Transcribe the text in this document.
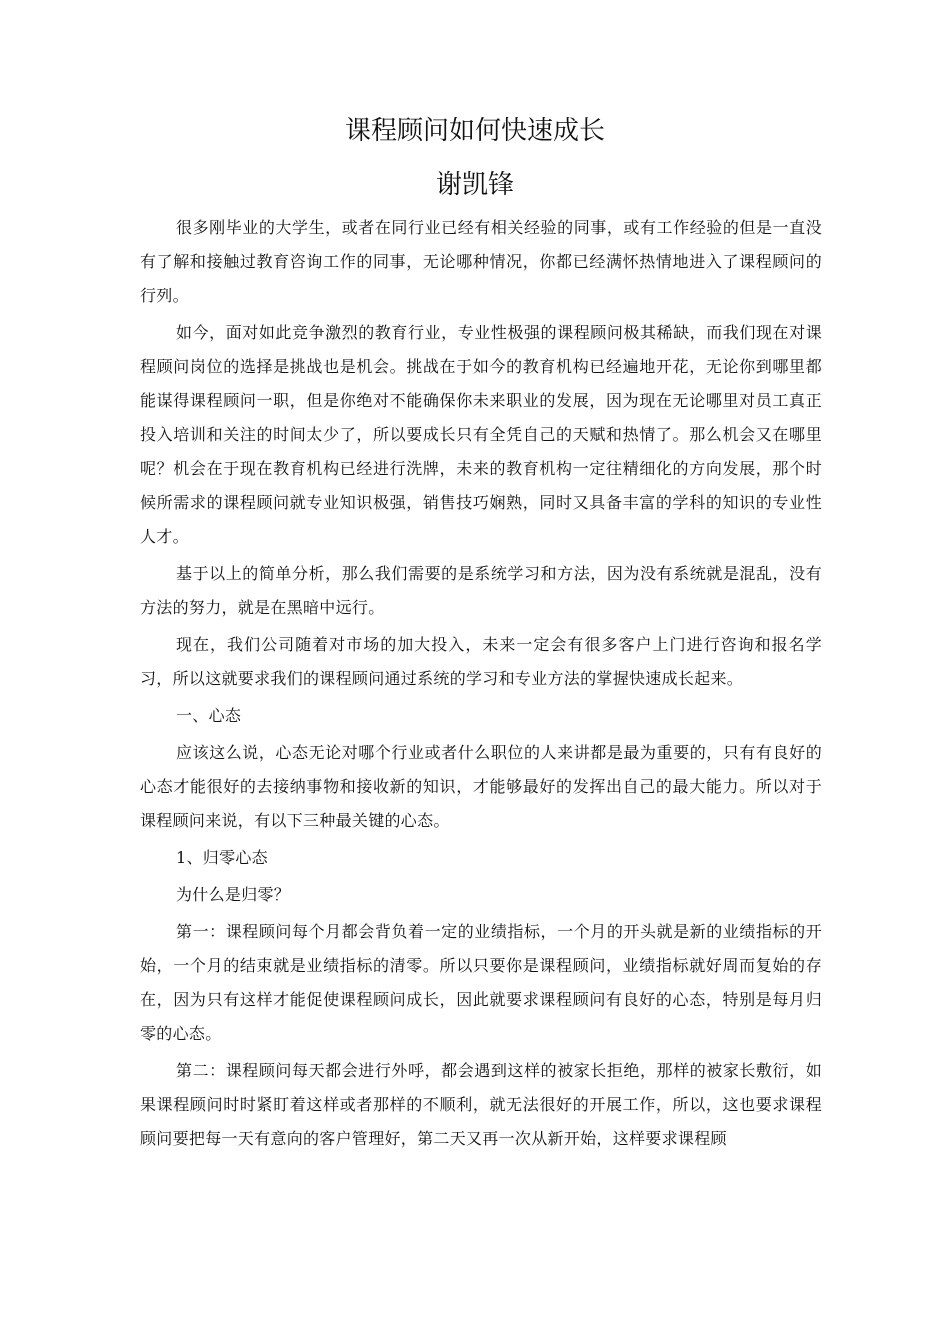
课程顾问如何快速成长
谢凯锋

很多刚毕业的大学生，或者在同行业已经有相关经验的同事，或有工作经验的但是一直没有了解和接触过教育咨询工作的同事，无论哪种情况，你都已经满怀热情地进入了课程顾问的行列。

如今，面对如此竞争激烈的教育行业，专业性极强的课程顾问极其稀缺，而我们现在对课程顾问岗位的选择是挑战也是机会。挑战在于如今的教育机构已经遍地开花，无论你到哪里都能谋得课程顾问一职，但是你绝对不能确保你未来职业的发展，因为现在无论哪里对员工真正投入培训和关注的时间太少了，所以要成长只有全凭自己的天赋和热情了。那么机会又在哪里呢？机会在于现在教育机构已经进行洗牌，未来的教育机构一定往精细化的方向发展，那个时候所需求的课程顾问就专业知识极强，销售技巧娴熟，同时又具备丰富的学科的知识的专业性人才。

基于以上的简单分析，那么我们需要的是系统学习和方法，因为没有系统就是混乱，没有方法的努力，就是在黑暗中远行。

现在，我们公司随着对市场的加大投入，未来一定会有很多客户上门进行咨询和报名学习，所以这就要求我们的课程顾问通过系统的学习和专业方法的掌握快速成长起来。

一、心态

应该这么说，心态无论对哪个行业或者什么职位的人来讲都是最为重要的，只有有良好的心态才能很好的去接纳事物和接收新的知识，才能够最好的发挥出自己的最大能力。所以对于课程顾问来说，有以下三种最关键的心态。

1、归零心态

为什么是归零？

第一：课程顾问每个月都会背负着一定的业绩指标，一个月的开头就是新的业绩指标的开始，一个月的结束就是业绩指标的清零。所以只要你是课程顾问，业绩指标就好周而复始的存在，因为只有这样才能促使课程顾问成长，因此就要求课程顾问有良好的心态，特别是每月归零的心态。

第二：课程顾问每天都会进行外呼，都会遇到这样的被家长拒绝，那样的被家长敷衍，如果课程顾问时时紧盯着这样或者那样的不顺利，就无法很好的开展工作，所以，这也要求课程顾问要把每一天有意向的客户管理好，第二天又再一次从新开始，这样要求课程顾
